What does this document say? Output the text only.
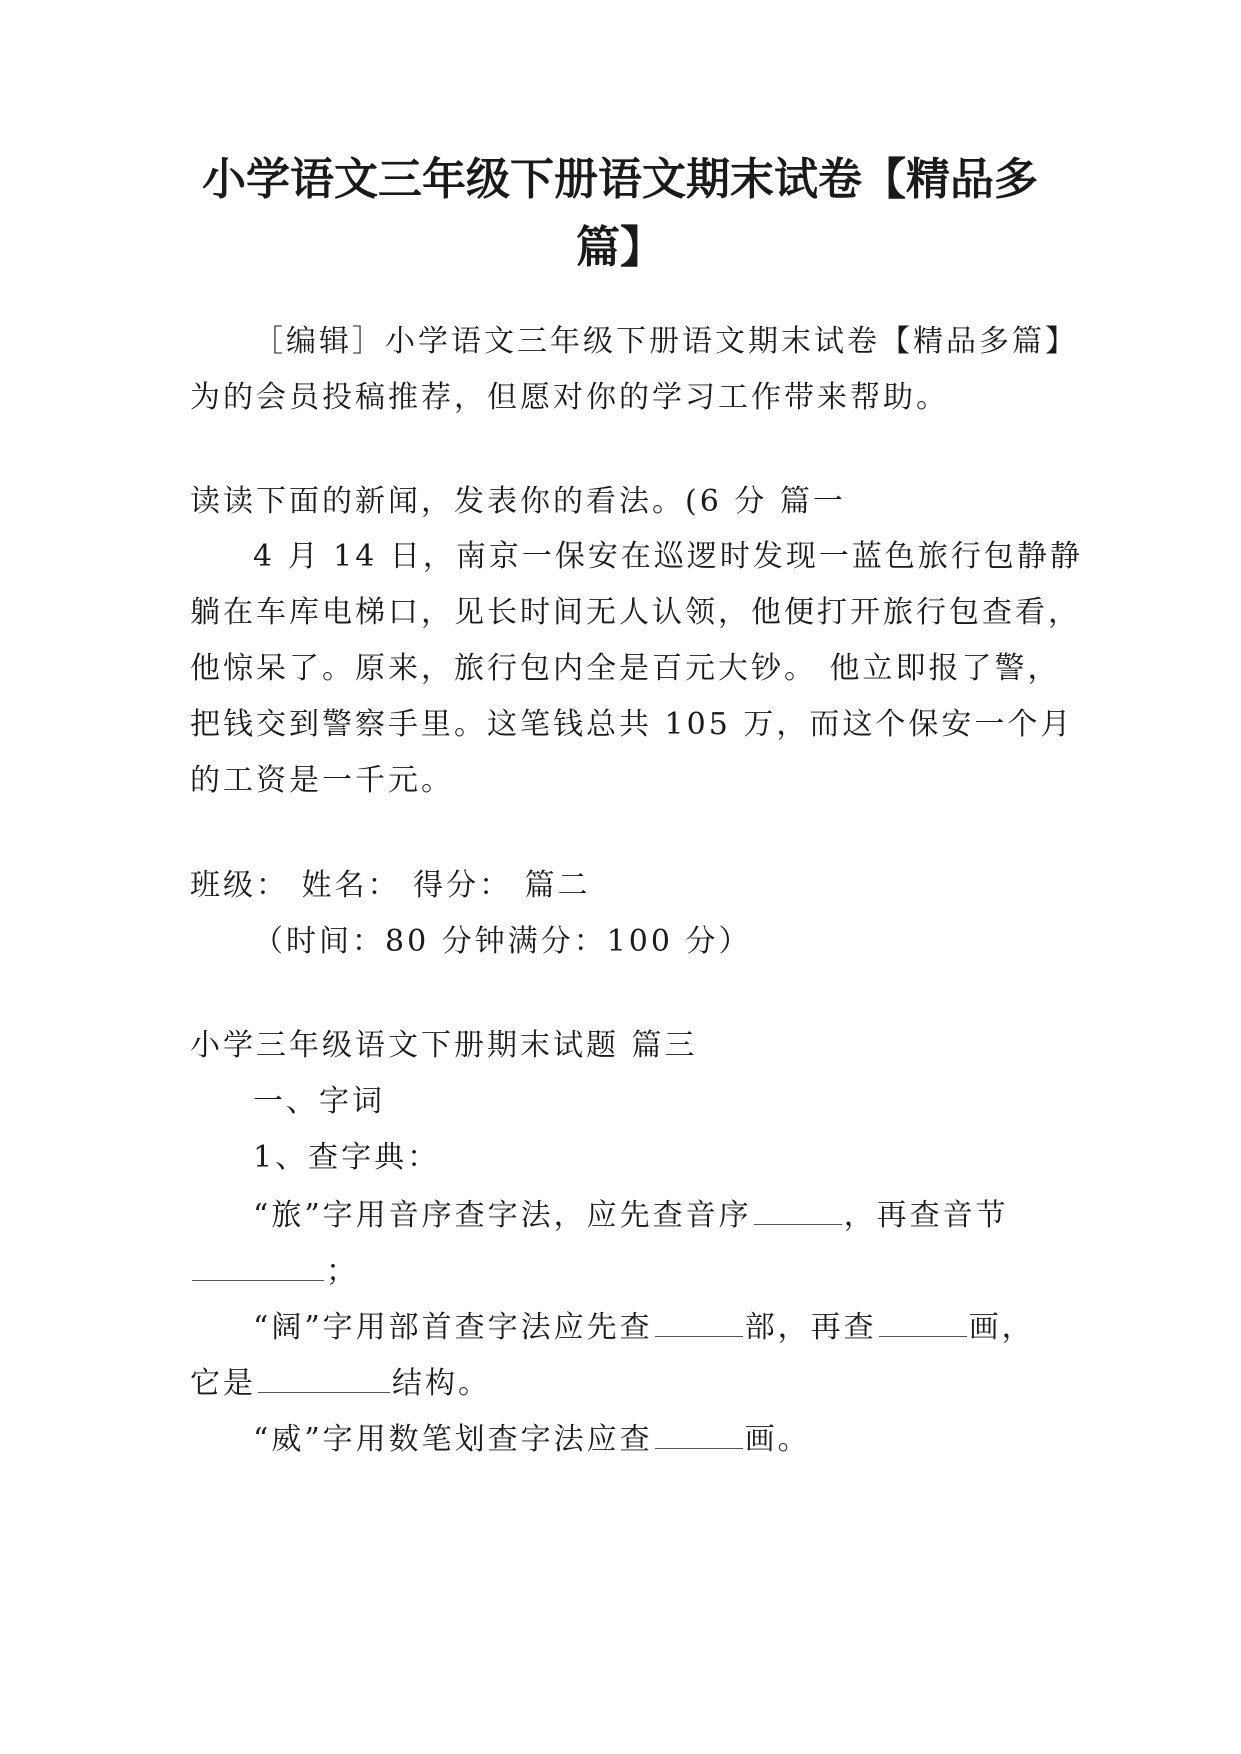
小学语文三年级下册语文期末试卷【精品多
篇】
［编辑］小学语文三年级下册语文期末试卷【精品多篇】
为的会员投稿推荐，但愿对你的学习工作带来帮助。
读读下面的新闻，发表你的看法。(6 分 篇一
4 月 14 日，南京一保安在巡逻时发现一蓝色旅行包静静
躺在车库电梯口，见长时间无人认领，他便打开旅行包查看，
他惊呆了。原来，旅行包内全是百元大钞。 他立即报了警，
把钱交到警察手里。这笔钱总共 105 万，而这个保安一个月
的工资是一千元。
班级： 姓名： 得分： 篇二
（时间：80 分钟满分：100 分）
小学三年级语文下册期末试题 篇三
一、字词
1、查字典：
“旅”字用音序查字法，应先查音序	，再查音节
；
“阔”字用部首查字法应先查	部，再查	画，
它是	结构。
“威”字用数笔划查字法应查	画。
